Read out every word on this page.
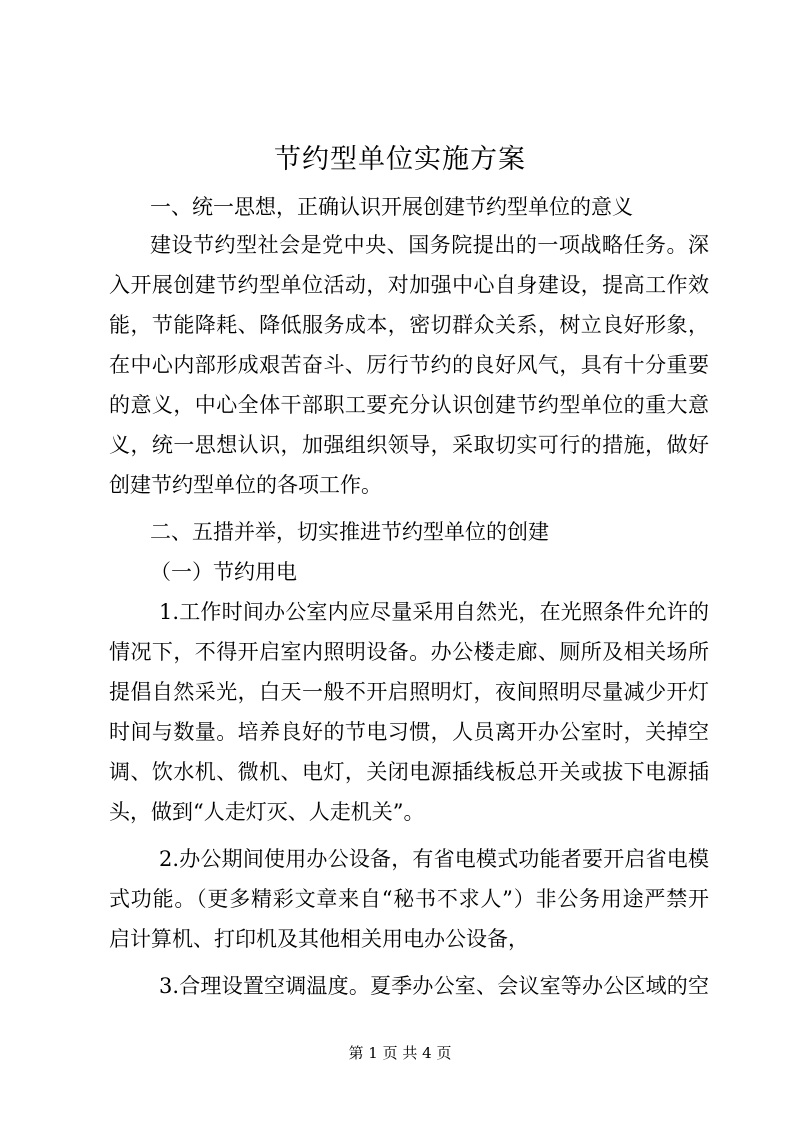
节约型单位实施方案
一、统一思想，正确认识开展创建节约型单位的意义
建设节约型社会是党中央、国务院提出的一项战略任务。深
入开展创建节约型单位活动，对加强中心自身建设，提高工作效
能，节能降耗、降低服务成本，密切群众关系，树立良好形象，
在中心内部形成艰苦奋斗、厉行节约的良好风气，具有十分重要
的意义，中心全体干部职工要充分认识创建节约型单位的重大意
义，统一思想认识，加强组织领导，采取切实可行的措施，做好
创建节约型单位的各项工作。
二、五措并举，切实推进节约型单位的创建
（一）节约用电
1.工作时间办公室内应尽量采用自然光，在光照条件允许的
情况下，不得开启室内照明设备。办公楼走廊、厕所及相关场所
提倡自然采光，白天一般不开启照明灯，夜间照明尽量减少开灯
时间与数量。培养良好的节电习惯，人员离开办公室时，关掉空
调、饮水机、微机、电灯，关闭电源插线板总开关或拔下电源插
头，做到“人走灯灭、人走机关”。
2.办公期间使用办公设备，有省电模式功能者要开启省电模
式功能。（更多精彩文章来自“秘书不求人”）非公务用途严禁开
启计算机、打印机及其他相关用电办公设备，
3.合理设置空调温度。夏季办公室、会议室等办公区域的空
第 1 页 共 4 页
